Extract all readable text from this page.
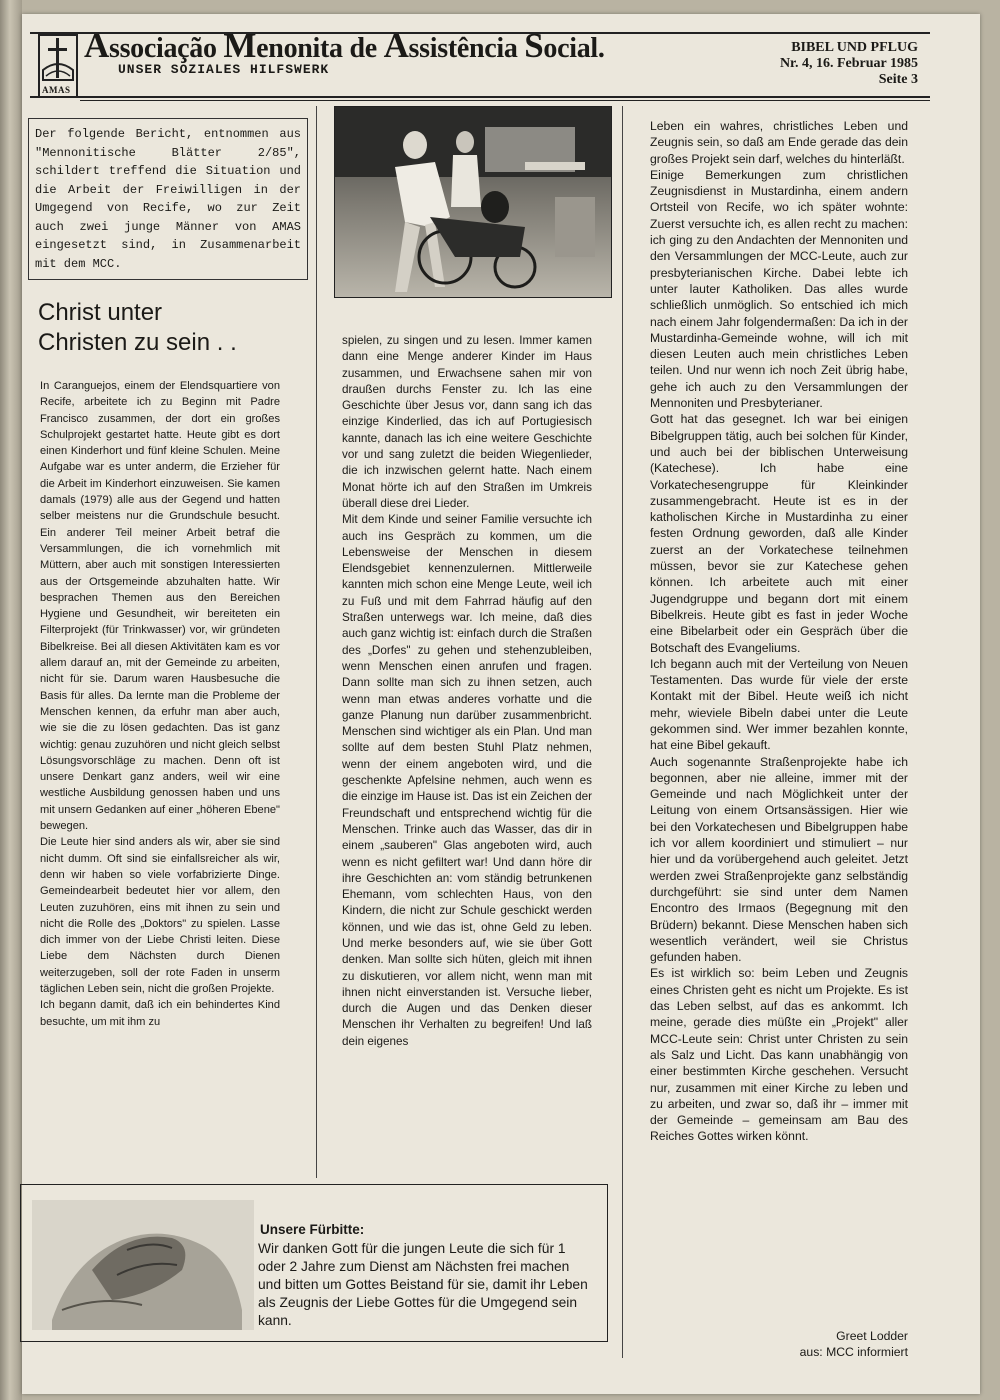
AMAS
Associação Menonita de Assistência Social.
UNSER SOZIALES HILFSWERK
BIBEL UND PFLUG
Nr. 4, 16. Februar 1985
Seite 3
Der folgende Bericht, entnommen aus "Mennonitische Blätter 2/85", schildert treffend die Situation und die Arbeit der Freiwilligen in der Umgegend von Recife, wo zur Zeit auch zwei junge Männer von AMAS eingesetzt sind, in Zusammenarbeit mit dem MCC.
Christ unter
Christen zu sein . .

In Caranguejos, einem der Elendsquartiere von Recife, arbeitete ich zu Beginn mit Padre Francisco zusammen, der dort ein großes Schulprojekt gestartet hatte. Heute gibt es dort einen Kinderhort und fünf kleine Schulen. Meine Aufgabe war es unter anderm, die Erzieher für die Arbeit im Kinderhort einzuweisen. Sie kamen damals (1979) alle aus der Gegend und hatten selber meistens nur die Grundschule besucht. Ein anderer Teil meiner Arbeit betraf die Versammlungen, die ich vornehmlich mit Müttern, aber auch mit sonstigen Interessierten aus der Ortsgemeinde abzuhalten hatte. Wir besprachen Themen aus den Bereichen Hygiene und Gesundheit, wir bereiteten ein Filterprojekt (für Trinkwasser) vor, wir gründeten Bibelkreise. Bei all diesen Aktivitäten kam es vor allem darauf an, mit der Gemeinde zu arbeiten, nicht für sie. Darum waren Hausbesuche die Basis für alles. Da lernte man die Probleme der Menschen kennen, da erfuhr man aber auch, wie sie die zu lösen gedachten. Das ist ganz wichtig: genau zuzuhören und nicht gleich selbst Lösungsvorschläge zu machen. Denn oft ist unsere Denkart ganz anders, weil wir eine westliche Ausbildung genossen haben und uns mit unsern Gedanken auf einer „höheren Ebene" bewegen.

Die Leute hier sind anders als wir, aber sie sind nicht dumm. Oft sind sie einfallsreicher als wir, denn wir haben so viele vorfabrizierte Dinge. Gemeindearbeit bedeutet hier vor allem, den Leuten zuzuhören, eins mit ihnen zu sein und nicht die Rolle des „Doktors" zu spielen. Lasse dich immer von der Liebe Christi leiten. Diese Liebe dem Nächsten durch Dienen weiterzugeben, soll der rote Faden in unserm täglichen Leben sein, nicht die großen Projekte.

Ich begann damit, daß ich ein behindertes Kind besuchte, um mit ihm zu

spielen, zu singen und zu lesen. Immer kamen dann eine Menge anderer Kinder im Haus zusammen, und Erwachsene sahen mir von draußen durchs Fenster zu. Ich las eine Geschichte über Jesus vor, dann sang ich das einzige Kinderlied, das ich auf Portugiesisch kannte, danach las ich eine weitere Geschichte vor und sang zuletzt die beiden Wiegenlieder, die ich inzwischen gelernt hatte. Nach einem Monat hörte ich auf den Straßen im Umkreis überall diese drei Lieder.

Mit dem Kinde und seiner Familie versuchte ich auch ins Gespräch zu kommen, um die Lebensweise der Menschen in diesem Elendsgebiet kennenzulernen. Mittlerweile kannten mich schon eine Menge Leute, weil ich zu Fuß und mit dem Fahrrad häufig auf den Straßen unterwegs war. Ich meine, daß dies auch ganz wichtig ist: einfach durch die Straßen des „Dorfes" zu gehen und stehenzubleiben, wenn Menschen einen anrufen und fragen. Dann sollte man sich zu ihnen setzen, auch wenn man etwas anderes vorhatte und die ganze Planung nun darüber zusammenbricht. Menschen sind wichtiger als ein Plan. Und man sollte auf dem besten Stuhl Platz nehmen, wenn der einem angeboten wird, und die geschenkte Apfelsine nehmen, auch wenn es die einzige im Hause ist. Das ist ein Zeichen der Freundschaft und entsprechend wichtig für die Menschen. Trinke auch das Wasser, das dir in einem „sauberen" Glas angeboten wird, auch wenn es nicht gefiltert war! Und dann höre dir ihre Geschichten an: vom ständig betrunkenen Ehemann, vom schlechten Haus, von den Kindern, die nicht zur Schule geschickt werden können, und wie das ist, ohne Geld zu leben. Und merke besonders auf, wie sie über Gott denken. Man sollte sich hüten, gleich mit ihnen zu diskutieren, vor allem nicht, wenn man mit ihnen nicht einverstanden ist. Versuche lieber, durch die Augen und das Denken dieser Menschen ihr Verhalten zu begreifen! Und laß dein eigenes

Leben ein wahres, christliches Leben und Zeugnis sein, so daß am Ende gerade das dein großes Projekt sein darf, welches du hinterläßt.

Einige Bemerkungen zum christlichen Zeugnisdienst in Mustardinha, einem andern Ortsteil von Recife, wo ich später wohnte: Zuerst versuchte ich, es allen recht zu machen: ich ging zu den Andachten der Mennoniten und den Versammlungen der MCC-Leute, auch zur presbyterianischen Kirche. Dabei lebte ich unter lauter Katholiken. Das alles wurde schließlich unmöglich. So entschied ich mich nach einem Jahr folgendermaßen: Da ich in der Mustardinha-Gemeinde wohne, will ich mit diesen Leuten auch mein christliches Leben teilen. Und nur wenn ich noch Zeit übrig habe, gehe ich auch zu den Versammlungen der Mennoniten und Presbyterianer.

Gott hat das gesegnet. Ich war bei einigen Bibelgruppen tätig, auch bei solchen für Kinder, und auch bei der biblischen Unterweisung (Katechese). Ich habe eine Vorkatechesengruppe für Kleinkinder zusammengebracht. Heute ist es in der katholischen Kirche in Mustardinha zu einer festen Ordnung geworden, daß alle Kinder zuerst an der Vorkatechese teilnehmen müssen, bevor sie zur Katechese gehen können. Ich arbeitete auch mit einer Jugendgruppe und begann dort mit einem Bibelkreis. Heute gibt es fast in jeder Woche eine Bibelarbeit oder ein Gespräch über die Botschaft des Evangeliums.

Ich begann auch mit der Verteilung von Neuen Testamenten. Das wurde für viele der erste Kontakt mit der Bibel. Heute weiß ich nicht mehr, wieviele Bibeln dabei unter die Leute gekommen sind. Wer immer bezahlen konnte, hat eine Bibel gekauft.

Auch sogenannte Straßenprojekte habe ich begonnen, aber nie alleine, immer mit der Gemeinde und nach Möglichkeit unter der Leitung von einem Ortsansässigen. Hier wie bei den Vorkatechesen und Bibelgruppen habe ich vor allem koordiniert und stimuliert – nur hier und da vorübergehend auch geleitet. Jetzt werden zwei Straßenprojekte ganz selbständig durchgeführt: sie sind unter dem Namen Encontro des Irmaos (Begegnung mit den Brüdern) bekannt. Diese Menschen haben sich wesentlich verändert, weil sie Christus gefunden haben.

Es ist wirklich so: beim Leben und Zeugnis eines Christen geht es nicht um Projekte. Es ist das Leben selbst, auf das es ankommt. Ich meine, gerade dies müßte ein „Projekt" aller MCC-Leute sein: Christ unter Christen zu sein als Salz und Licht. Das kann unabhängig von einer bestimmten Kirche geschehen. Versucht nur, zusammen mit einer Kirche zu leben und zu arbeiten, und zwar so, daß ihr – immer mit der Gemeinde – gemeinsam am Bau des Reiches Gottes wirken könnt.

Greet Lodder
aus: MCC informiert
Unsere Fürbitte:
Wir danken Gott für die jungen Leute die sich für 1 oder 2 Jahre zum Dienst am Nächsten frei machen und bitten um Gottes Beistand für sie, damit ihr Leben als Zeugnis der Liebe Gottes für die Umgegend sein kann.
